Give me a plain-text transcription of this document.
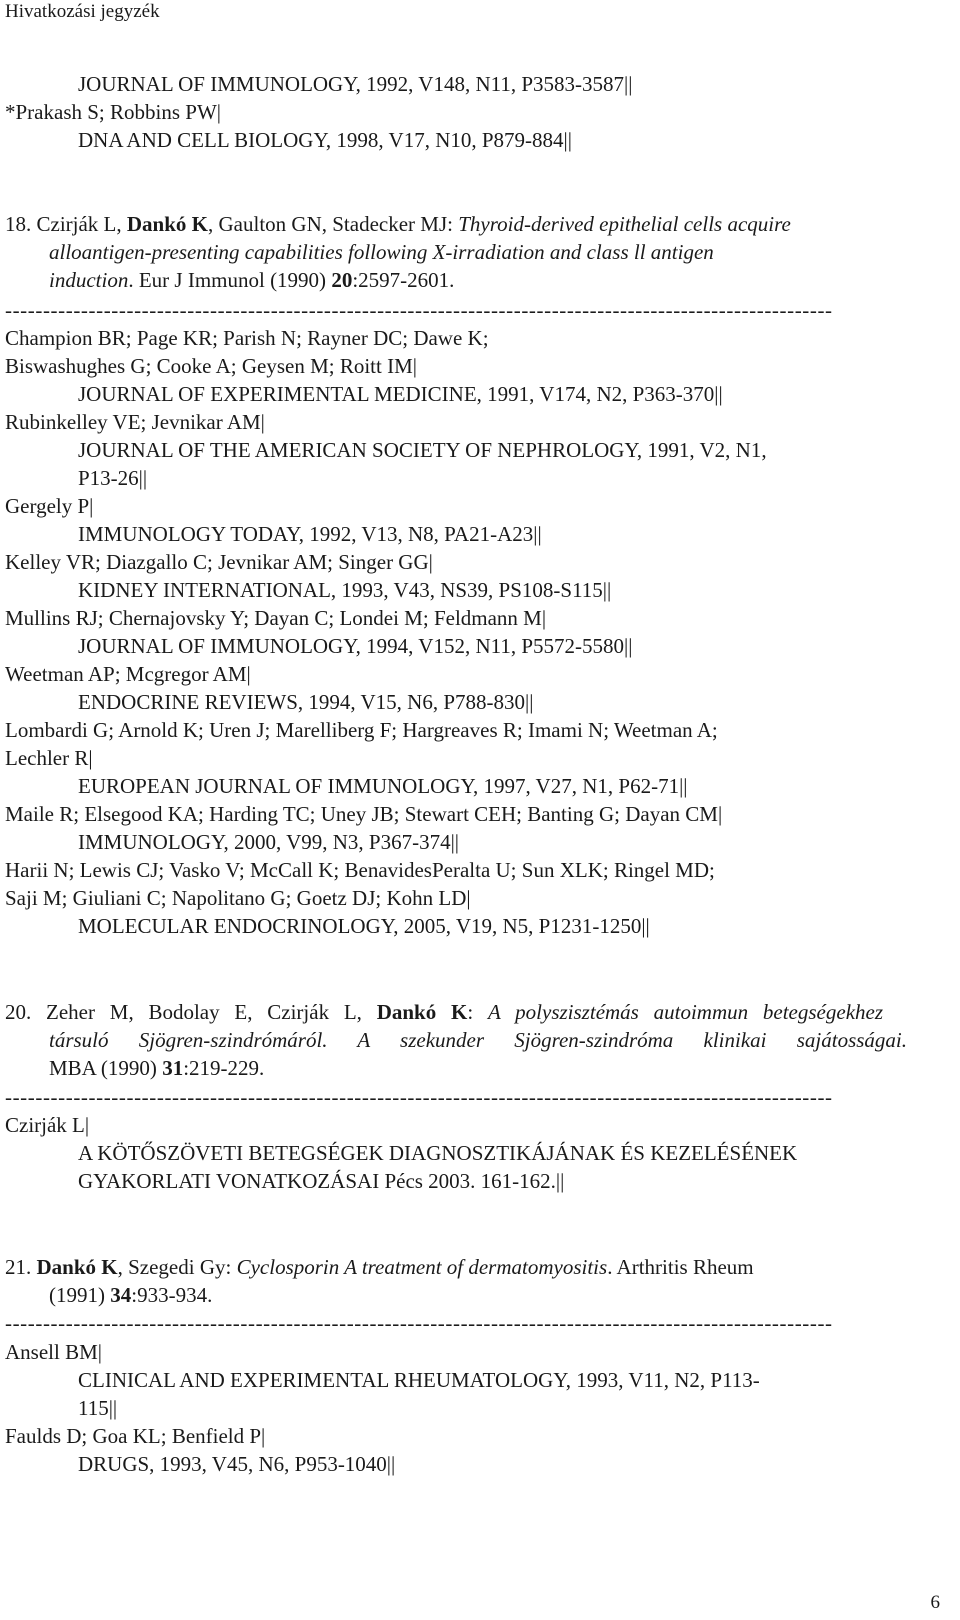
Hivatkozási jegyzék
JOURNAL OF IMMUNOLOGY, 1992, V148, N11, P3583-3587||
*Prakash S; Robbins PW|
DNA AND CELL BIOLOGY, 1998, V17, N10, P879-884||
18. Czirják L, Dankó K, Gaulton GN, Stadecker MJ: Thyroid-derived epithelial cells acquire
alloantigen-presenting capabilities following X-irradiation and class ll antigen
induction. Eur J Immunol (1990) 20:2597-2601.
-------------------------------------------------------------------------------------------------------------
Champion BR; Page KR; Parish N; Rayner DC; Dawe K;
Biswashughes G; Cooke A; Geysen M; Roitt IM|
JOURNAL OF EXPERIMENTAL MEDICINE, 1991, V174, N2, P363-370||
Rubinkelley VE; Jevnikar AM|
JOURNAL OF THE AMERICAN SOCIETY OF NEPHROLOGY, 1991, V2, N1,
P13-26||
Gergely P|
IMMUNOLOGY TODAY, 1992, V13, N8, PA21-A23||
Kelley VR; Diazgallo C; Jevnikar AM; Singer GG|
KIDNEY INTERNATIONAL, 1993, V43, NS39, PS108-S115||
Mullins RJ; Chernajovsky Y; Dayan C; Londei M; Feldmann M|
JOURNAL OF IMMUNOLOGY, 1994, V152, N11, P5572-5580||
Weetman AP; Mcgregor AM|
ENDOCRINE REVIEWS, 1994, V15, N6, P788-830||
Lombardi G; Arnold K; Uren J; Marelliberg F; Hargreaves R; Imami N; Weetman A;
Lechler R|
EUROPEAN JOURNAL OF IMMUNOLOGY, 1997, V27, N1, P62-71||
Maile R; Elsegood KA; Harding TC; Uney JB; Stewart CEH; Banting G; Dayan CM|
IMMUNOLOGY, 2000, V99, N3, P367-374||
Harii N; Lewis CJ; Vasko V; McCall K; BenavidesPeralta U; Sun XLK; Ringel MD;
Saji M; Giuliani C; Napolitano G; Goetz DJ; Kohn LD|
MOLECULAR ENDOCRINOLOGY, 2005, V19, N5, P1231-1250||
20. Zeher M, Bodolay E, Czirják L, Dankó K: A polyszisztémás autoimmun betegségekhez
társuló Sjögren-szindrómáról. A szekunder Sjögren-szindróma klinikai sajátosságai.
MBA (1990) 31:219-229.
-------------------------------------------------------------------------------------------------------------
Czirják L|
A KÖTŐSZÖVETI BETEGSÉGEK DIAGNOSZTIKÁJÁNAK ÉS KEZELÉSÉNEK
GYAKORLATI VONATKOZÁSAI Pécs 2003. 161-162.||
21. Dankó K, Szegedi Gy: Cyclosporin A treatment of dermatomyositis. Arthritis Rheum
(1991) 34:933-934.
-------------------------------------------------------------------------------------------------------------
Ansell BM|
CLINICAL AND EXPERIMENTAL RHEUMATOLOGY, 1993, V11, N2, P113-
115||
Faulds D; Goa KL; Benfield P|
DRUGS, 1993, V45, N6, P953-1040||
6
